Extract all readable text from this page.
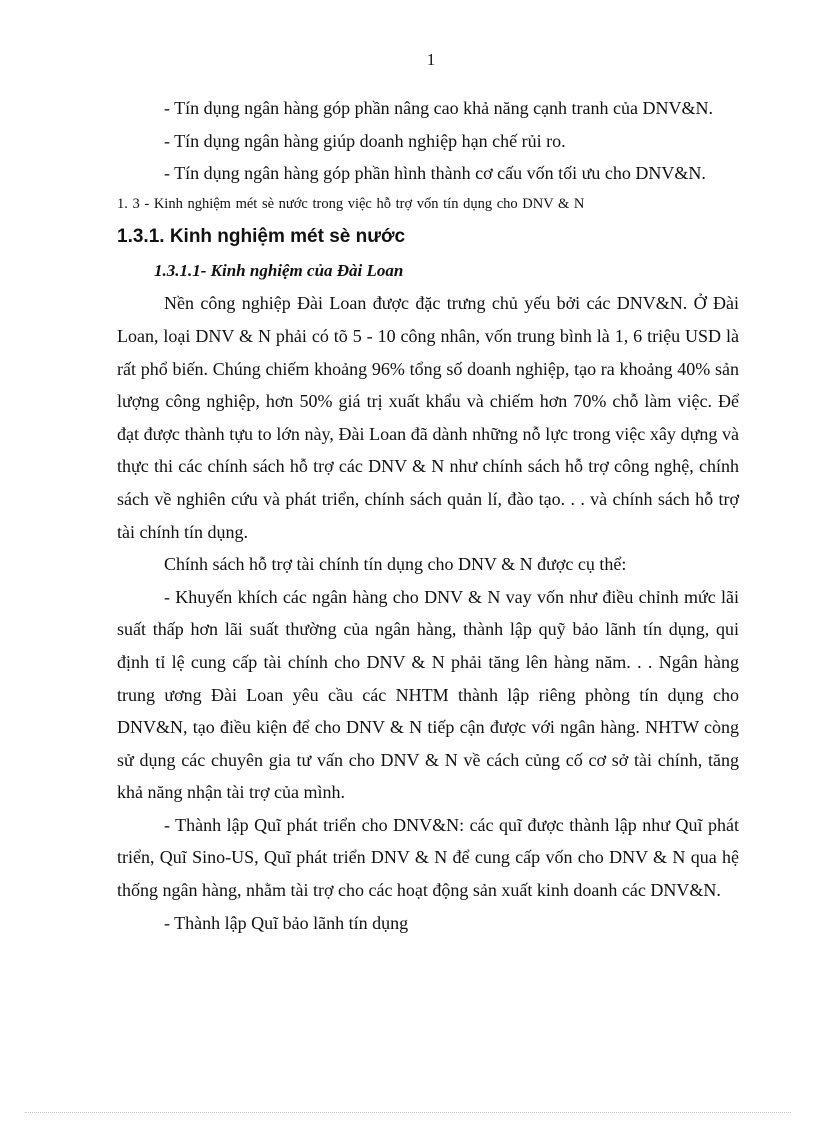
1

- Tín dụng ngân hàng góp phần nâng cao khả năng cạnh tranh của DNV&N.

- Tín dụng ngân hàng giúp doanh nghiệp hạn chế rủi ro.

- Tín dụng ngân hàng góp phần hình thành cơ cấu vốn tối ưu cho DNV&N.

1. 3 - Kinh nghiệm mét sè nước trong việc hỗ trợ vốn tín dụng cho DNV & N

1.3.1. Kinh nghiệm mét sè nước

1.3.1.1- Kinh nghiệm của Đài Loan

Nền công nghiệp Đài Loan được đặc trưng chủ yếu bởi các DNV&N. Ở Đài Loan, loại DNV & N phải có tõ 5 - 10 công nhân, vốn trung bình là 1, 6 triệu USD là rất phổ biến. Chúng chiếm khoảng 96% tổng số doanh nghiệp, tạo ra khoảng 40% sản lượng công nghiệp, hơn 50% giá trị xuất khẩu và chiếm hơn 70% chỗ làm việc. Để đạt được thành tựu to lớn này, Đài Loan đã dành những nỗ lực trong việc xây dựng và thực thi các chính sách hỗ trợ các DNV & N như chính sách hỗ trợ công nghệ, chính sách về nghiên cứu và phát triển, chính sách quản lí, đào tạo. . . và chính sách hỗ trợ tài chính tín dụng.

Chính sách hỗ trợ tài chính tín dụng cho DNV & N được cụ thể:

- Khuyến khích các ngân hàng cho DNV & N vay vốn như điều chỉnh mức lãi suất thấp hơn lãi suất thường của ngân hàng, thành lập quỹ bảo lãnh tín dụng, qui định tỉ lệ cung cấp tài chính cho DNV & N phải tăng lên hàng năm. . . Ngân hàng trung ương Đài Loan yêu cầu các NHTM thành lập riêng phòng tín dụng cho DNV&N, tạo điều kiện để cho DNV & N tiếp cận được với ngân hàng. NHTW còng sử dụng các chuyên gia tư vấn cho DNV & N về cách củng cố cơ sở tài chính, tăng khả năng nhận tài trợ của mình.

- Thành lập Quĩ phát triển cho DNV&N: các quĩ được thành lập như Quĩ phát triển, Quĩ Sino-US, Quĩ phát triển DNV & N để cung cấp vốn cho DNV & N qua hệ thống ngân hàng, nhằm tài trợ cho các hoạt động sản xuất kinh doanh các DNV&N.

- Thành lập Quĩ bảo lãnh tín dụng
